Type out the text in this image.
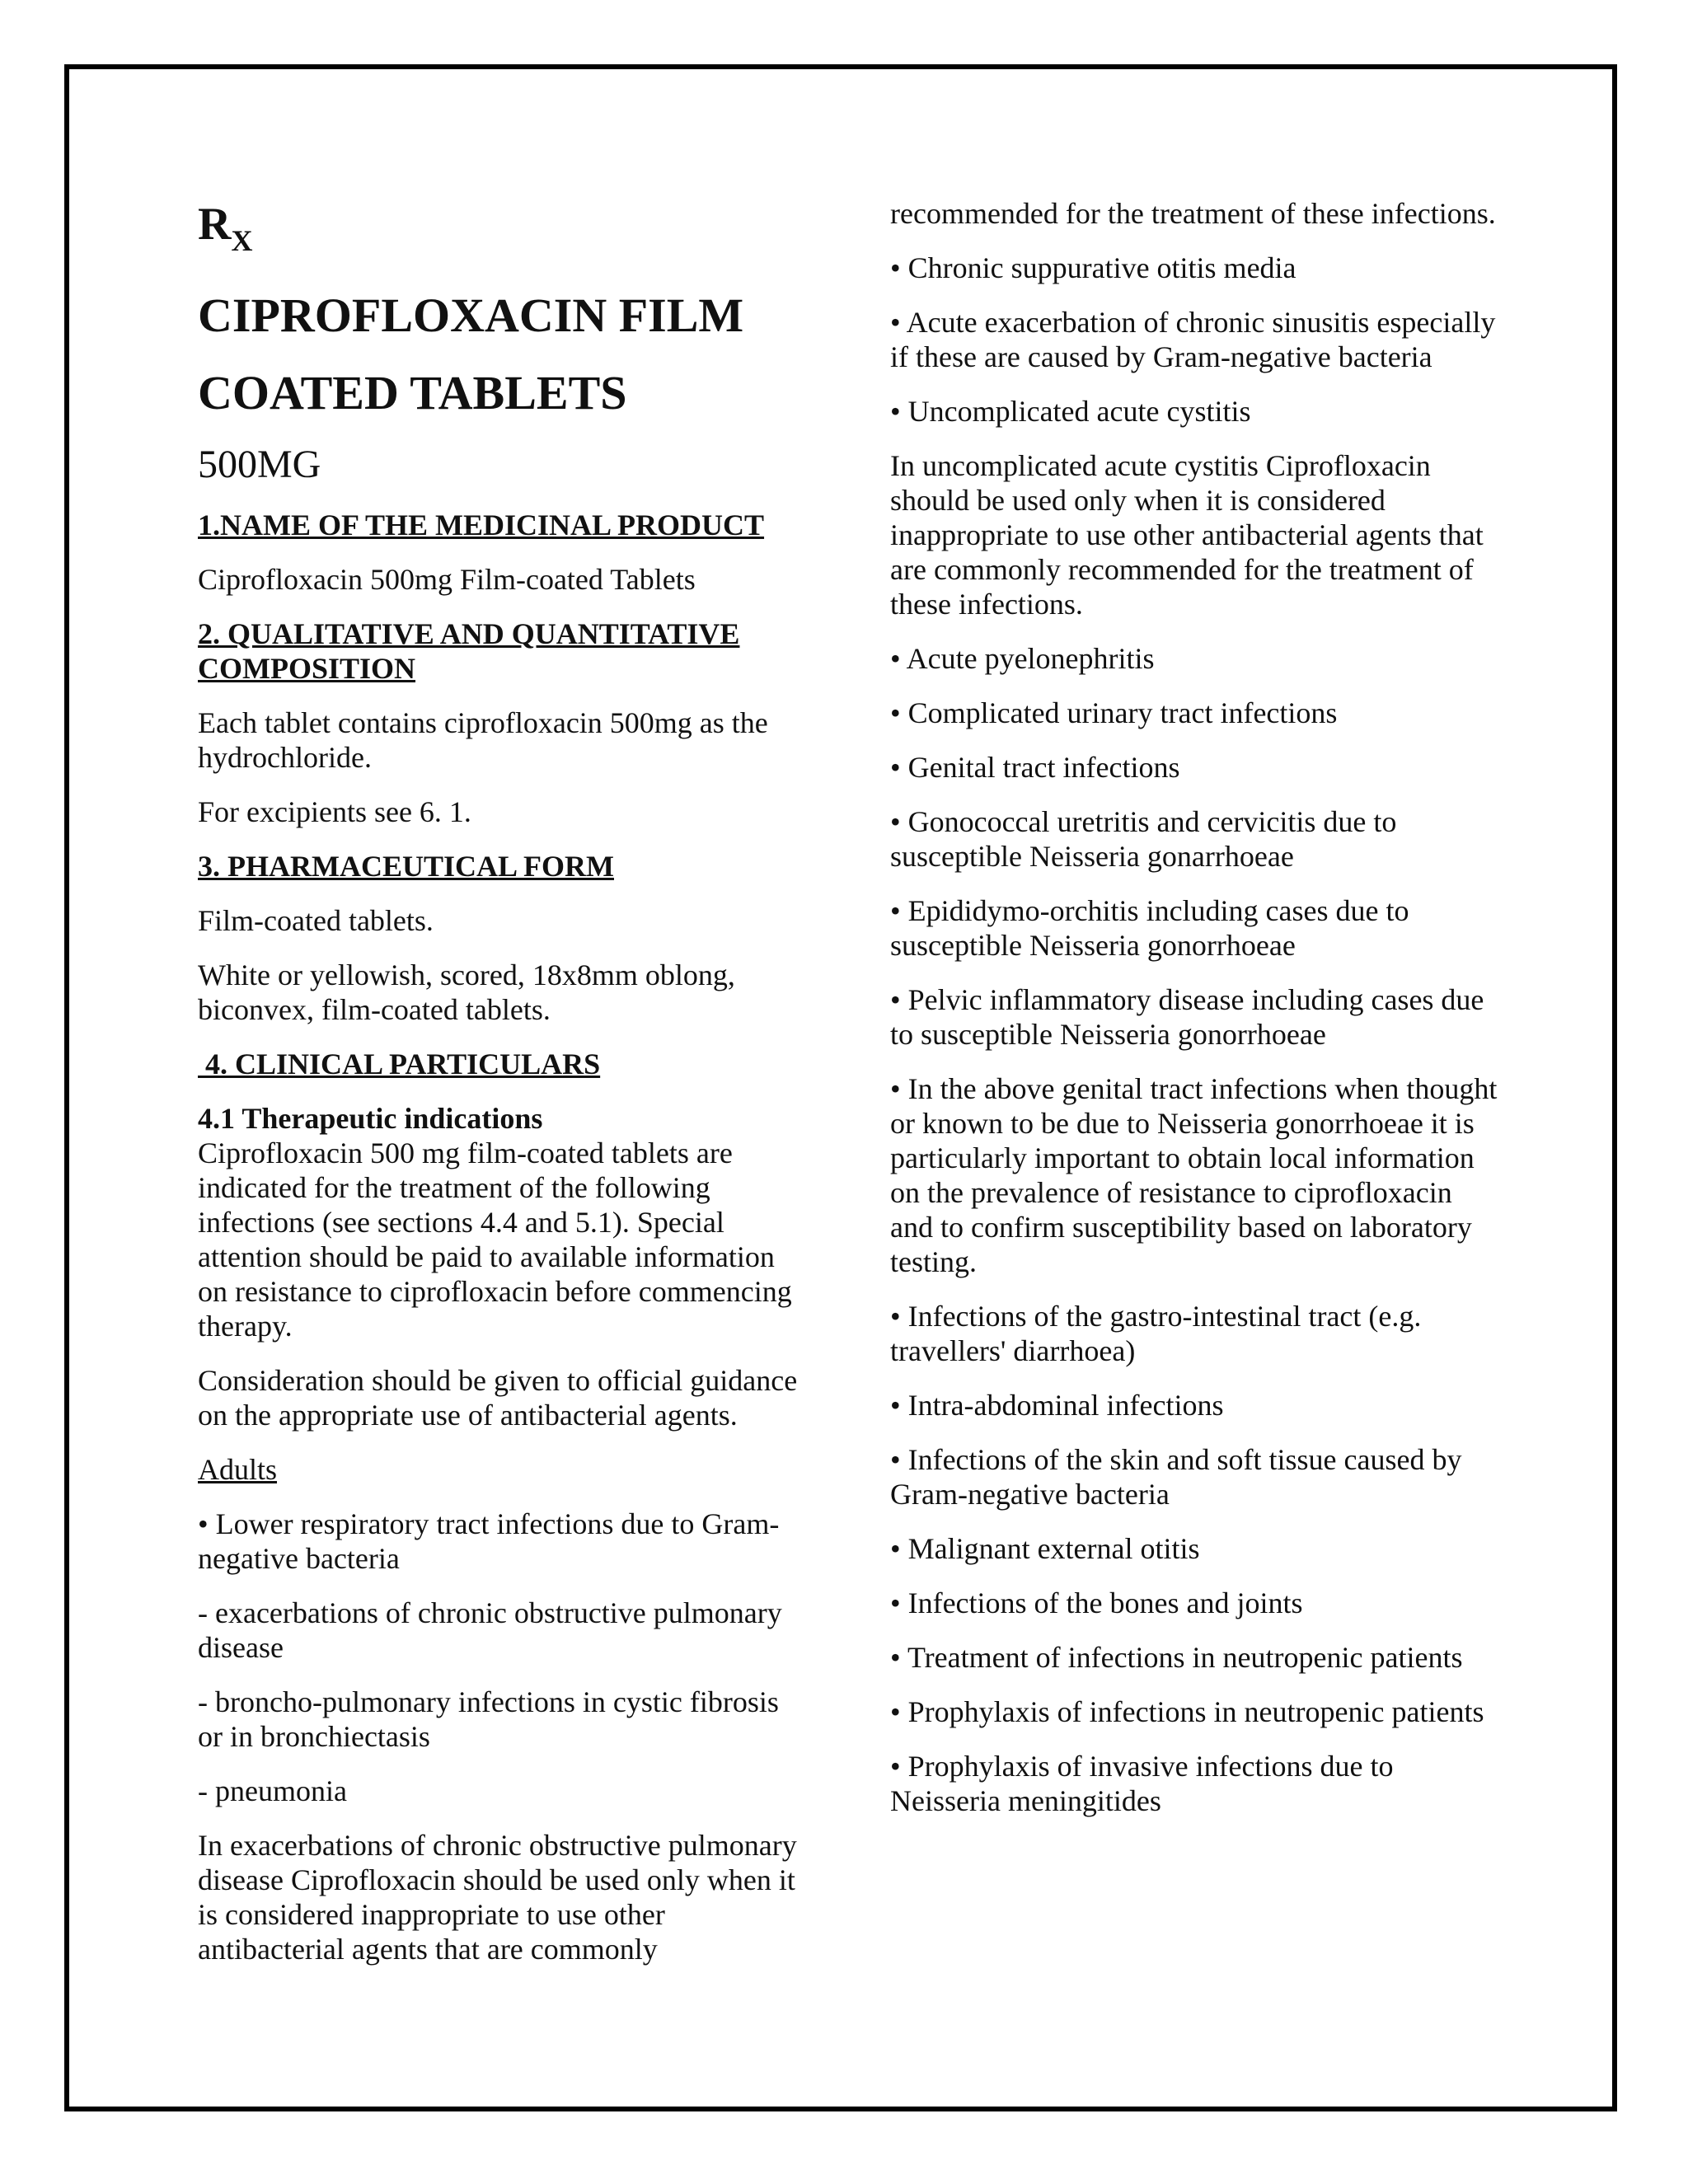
$R_X$

CIPROFLOXACIN FILM

COATED TABLETS

500MG

1.NAME OF THE MEDICINAL PRODUCT

Ciprofloxacin 500mg Film-coated Tablets

2. QUALITATIVE AND QUANTITATIVE COMPOSITION

Each tablet contains ciprofloxacin 500mg as the hydrochloride.

For excipients see 6. 1.

3. PHARMACEUTICAL FORM

Film-coated tablets.

White or yellowish, scored, 18x8mm oblong, biconvex, film-coated tablets.

4. CLINICAL PARTICULARS

4.1 Therapeutic indications

Ciprofloxacin 500 mg film-coated tablets are indicated for the treatment of the following infections (see sections 4.4 and 5.1). Special attention should be paid to available information on resistance to ciprofloxacin before commencing therapy.

Consideration should be given to official guidance on the appropriate use of antibacterial agents.

Adults

• Lower respiratory tract infections due to Gram-negative bacteria

- exacerbations of chronic obstructive pulmonary disease

- broncho-pulmonary infections in cystic fibrosis or in bronchiectasis

- pneumonia

In exacerbations of chronic obstructive pulmonary disease Ciprofloxacin should be used only when it is considered inappropriate to use other antibacterial agents that are commonly

recommended for the treatment of these infections.

• Chronic suppurative otitis media

• Acute exacerbation of chronic sinusitis especially if these are caused by Gram-negative bacteria

• Uncomplicated acute cystitis

In uncomplicated acute cystitis Ciprofloxacin should be used only when it is considered inappropriate to use other antibacterial agents that are commonly recommended for the treatment of these infections.

• Acute pyelonephritis

• Complicated urinary tract infections

• Genital tract infections

• Gonococcal uretritis and cervicitis due to susceptible Neisseria gonarrhoeae

• Epididymo-orchitis including cases due to susceptible Neisseria gonorrhoeae

• Pelvic inflammatory disease including cases due to susceptible Neisseria gonorrhoeae

• In the above genital tract infections when thought or known to be due to Neisseria gonorrhoeae it is particularly important to obtain local information on the prevalence of resistance to ciprofloxacin and to confirm susceptibility based on laboratory testing.

• Infections of the gastro-intestinal tract (e.g. travellers' diarrhoea)

• Intra-abdominal infections

• Infections of the skin and soft tissue caused by Gram-negative bacteria

• Malignant external otitis

• Infections of the bones and joints

• Treatment of infections in neutropenic patients

• Prophylaxis of infections in neutropenic patients

• Prophylaxis of invasive infections due to Neisseria meningitides
